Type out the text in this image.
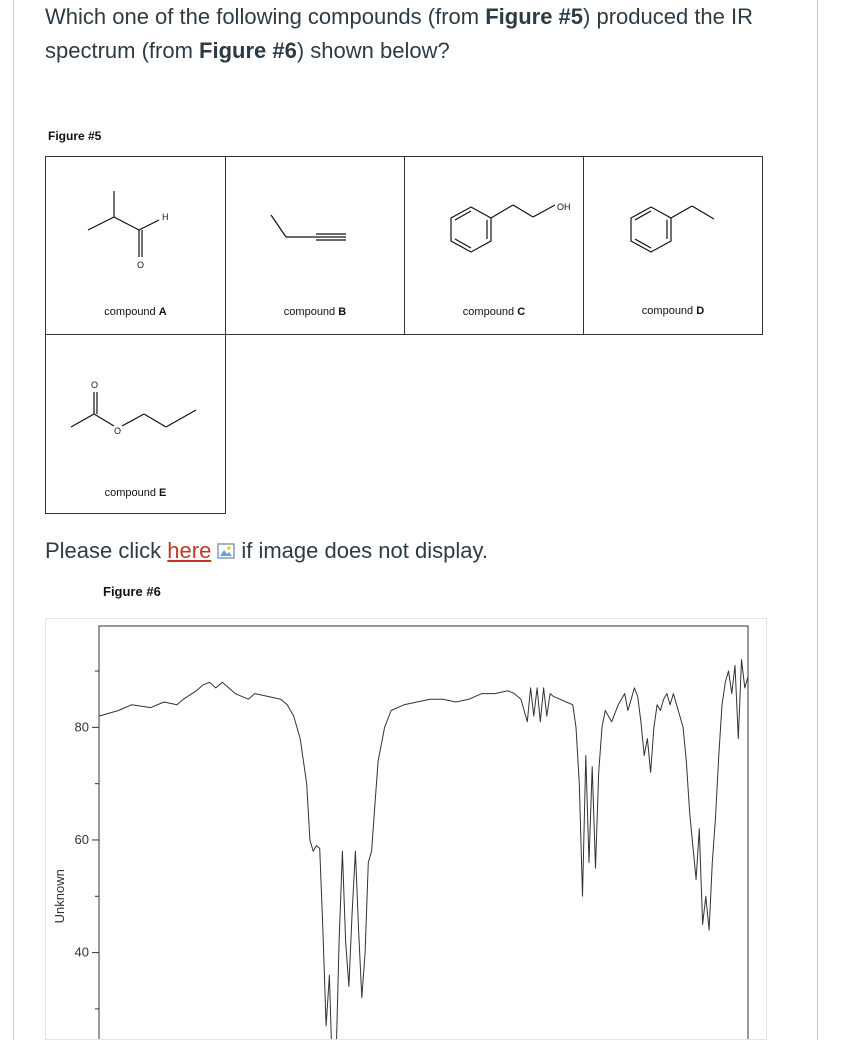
Which one of the following compounds (from Figure #5) produced the IR spectrum (from Figure #6) shown below?
Figure #5
H
O
compound A	compound B
OH
compound C	compound D
O
O
compound E
Please click here if image does not display.
Figure #6
40
60
80
Unknown
